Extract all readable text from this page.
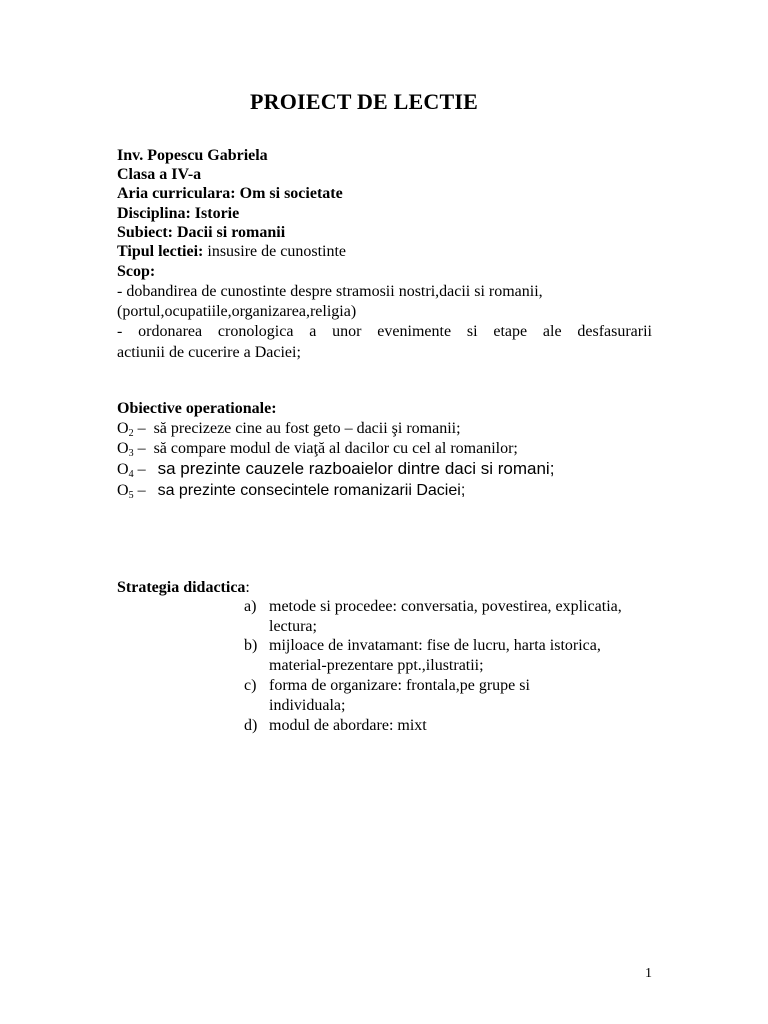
PROIECT DE LECTIE
Inv. Popescu Gabriela
Clasa a IV-a
Aria curriculara: Om si societate
Disciplina: Istorie
Subiect: Dacii si romanii
Tipul lectiei: insusire de cunostinte
Scop:
- dobandirea de cunostinte despre stramosii nostri,dacii si romanii,
(portul,ocupatiile,organizarea,religia)
- ordonarea cronologica a unor evenimente si etape ale desfasurarii
actiunii de cucerire a Daciei;
Obiective operationale:
$O_2$ –  să precizeze cine au fost geto – dacii şi romanii;
$O_3$ –  să compare modul de viaţă al dacilor cu cel al romanilor;
$O_4$ –   sa prezinte cauzele razboaielor dintre daci si romani;
$O_5$ –   sa prezinte consecintele romanizarii Daciei;
Strategia didactica:
a) metode si procedee: conversatia, povestirea, explicatia, lectura;
b) mijloace de invatamant: fise de lucru, harta istorica, material-prezentare ppt.,ilustratii;
c) forma de organizare: frontala,pe grupe si individuala;
d) modul de abordare: mixt
1
